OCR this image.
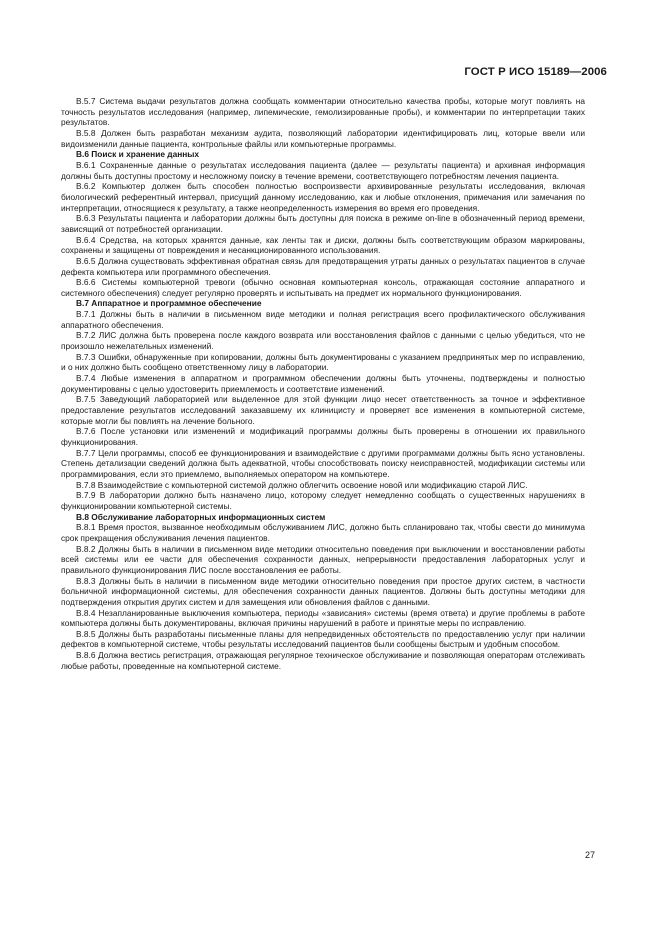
ГОСТ Р ИСО 15189—2006

В.5.7 Система выдачи результатов должна сообщать комментарии относительно качества пробы, которые могут повлиять на точность результатов исследования (например, липемические, гемолизированные пробы), и комментарии по интерпретации таких результатов.

В.5.8 Должен быть разработан механизм аудита, позволяющий лаборатории идентифицировать лиц, которые ввели или видоизменили данные пациента, контрольные файлы или компьютерные программы.

В.6 Поиск и хранение данных

В.6.1 Сохраненные данные о результатах исследования пациента (далее — результаты пациента) и архивная информация должны быть доступны простому и несложному поиску в течение времени, соответствующего потребностям лечения пациента.

В.6.2 Компьютер должен быть способен полностью воспроизвести архивированные результаты исследования, включая биологический референтный интервал, присущий данному исследованию, как и любые отклонения, примечания или замечания по интерпретации, относящиеся к результату, а также неопределенность измерения во время его проведения.

В.6.3 Результаты пациента и лаборатории должны быть доступны для поиска в режиме on-line в обозначенный период времени, зависящий от потребностей организации.

В.6.4 Средства, на которых хранятся данные, как ленты так и диски, должны быть соответствующим образом маркированы, сохранены и защищены от повреждения и несанкционированного использования.

В.6.5 Должна существовать эффективная обратная связь для предотвращения утраты данных о результатах пациентов в случае дефекта компьютера или программного обеспечения.

В.6.6 Системы компьютерной тревоги (обычно основная компьютерная консоль, отражающая состояние аппаратного и системного обеспечения) следует регулярно проверять и испытывать на предмет их нормального функционирования.

В.7 Аппаратное и программное обеспечение

В.7.1 Должны быть в наличии в письменном виде методики и полная регистрация всего профилактического обслуживания аппаратного обеспечения.

В.7.2 ЛИС должна быть проверена после каждого возврата или восстановления файлов с данными с целью убедиться, что не произошло нежелательных изменений.

В.7.3 Ошибки, обнаруженные при копировании, должны быть документированы с указанием предпринятых мер по исправлению, и о них должно быть сообщено ответственному лицу в лаборатории.

В.7.4 Любые изменения в аппаратном и программном обеспечении должны быть уточнены, подтверждены и полностью документированы с целью удостоверить приемлемость и соответствие изменений.

В.7.5 Заведующий лабораторией или выделенное для этой функции лицо несет ответственность за точное и эффективное предоставление результатов исследований заказавшему их клиницисту и проверяет все изменения в компьютерной системе, которые могли бы повлиять на лечение больного.

В.7.6 После установки или изменений и модификаций программы должны быть проверены в отношении их правильного функционирования.

В.7.7 Цели программы, способ ее функционирования и взаимодействие с другими программами должны быть ясно установлены. Степень детализации сведений должна быть адекватной, чтобы способствовать поиску неисправностей, модификации системы или программирования, если это приемлемо, выполняемых оператором на компьютере.

В.7.8 Взаимодействие с компьютерной системой должно облегчить освоение новой или модификацию старой ЛИС.

В.7.9 В лаборатории должно быть назначено лицо, которому следует немедленно сообщать о существенных нарушениях в функционировании компьютерной системы.

В.8 Обслуживание лабораторных информационных систем

В.8.1 Время простоя, вызванное необходимым обслуживанием ЛИС, должно быть спланировано так, чтобы свести до минимума срок прекращения обслуживания лечения пациентов.

В.8.2 Должны быть в наличии в письменном виде методики относительно поведения при выключении и восстановлении работы всей системы или ее части для обеспечения сохранности данных, непрерывности предоставления лабораторных услуг и правильного функционирования ЛИС после восстановления ее работы.

В.8.3 Должны быть в наличии в письменном виде методики относительно поведения при простое других систем, в частности больничной информационной системы, для обеспечения сохранности данных пациентов. Должны быть доступны методики для подтверждения открытия других систем и для замещения или обновления файлов с данными.

В.8.4 Незапланированные выключения компьютера, периоды «зависания» системы (время ответа) и другие проблемы в работе компьютера должны быть документированы, включая причины нарушений в работе и принятые меры по исправлению.

В.8.5 Должны быть разработаны письменные планы для непредвиденных обстоятельств по предоставлению услуг при наличии дефектов в компьютерной системе, чтобы результаты исследований пациентов были сообщены быстрым и удобным способом.

В.8.6 Должна вестись регистрация, отражающая регулярное техническое обслуживание и позволяющая операторам отслеживать любые работы, проведенные на компьютерной системе.

27
